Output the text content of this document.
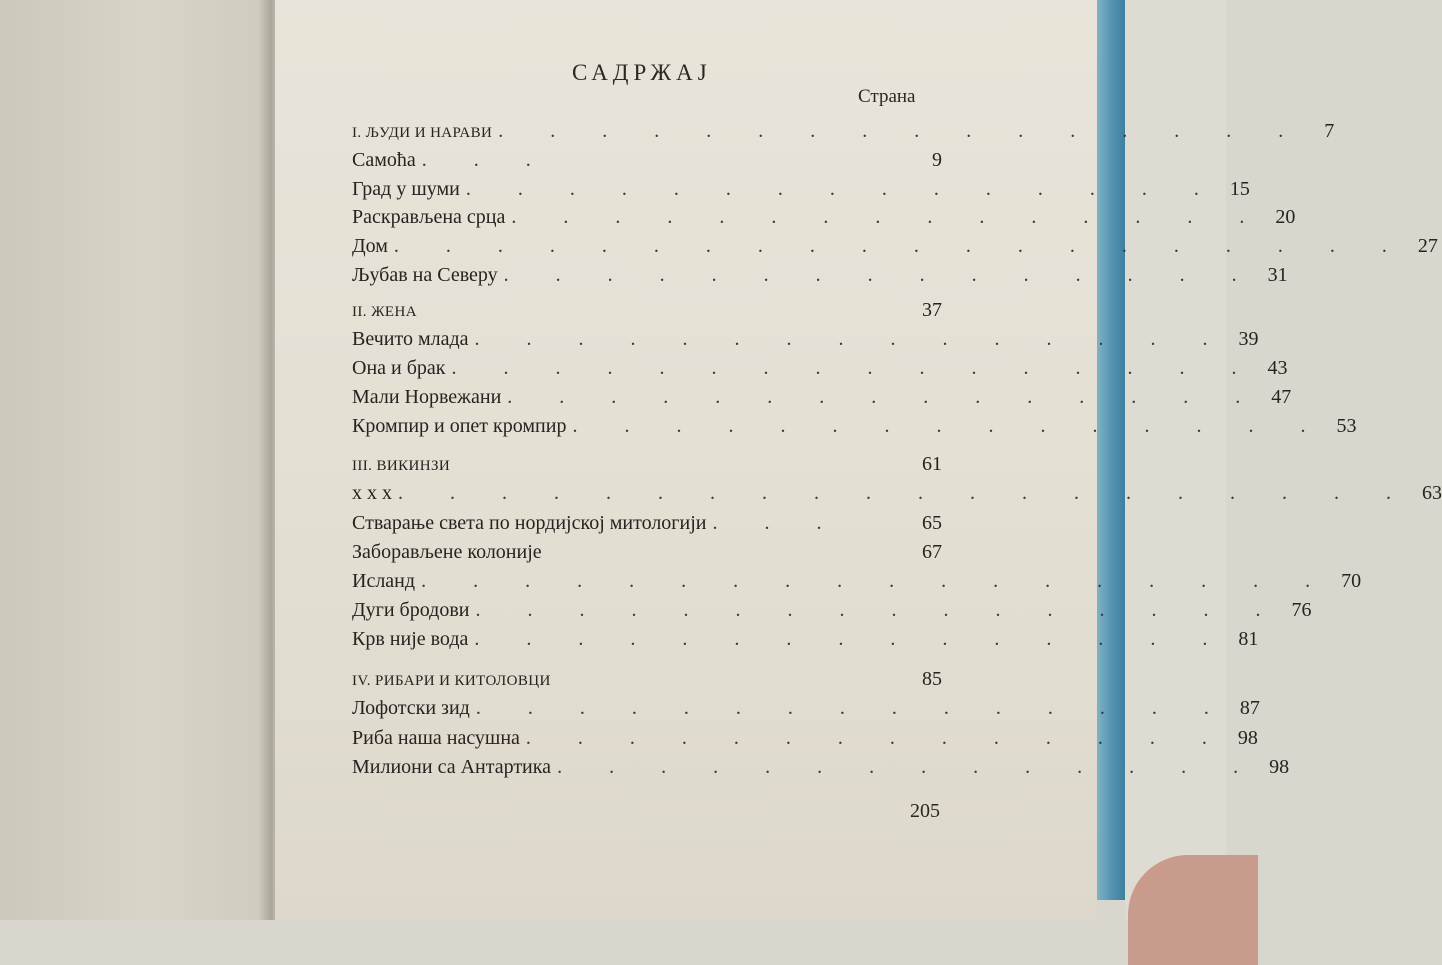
САДРЖАЈ
Страна
I. ЉУДИ И НАРАВИ . . . . . . . . . . . . . . . .	7
Самоћа . . .	9
Град у шуми . . . . . . . . . . . . . . . 15
Раскрављена срца . . . . . . . . . . . . . . . 20
Дом . . . . . . . . . . . . . . . . . . . . 27
Љубав на Северу . . . . . . . . . . . . . . . 31
II. ЖЕНА	37
Вечито млада . . . . . . . . . . . . . . . 39
Она и брак . . . . . . . . . . . . . . . . 43
Мали Норвежани . . . . . . . . . . . . . . . 47
Кромпир и опет кромпир . . . . . . . . . . . . . . . 53
III. ВИКИНЗИ	61
x x x . . . . . . . . . . . . . . . . . . . . 63
Стварање света по нордијској митологији . . .	65
Заборављене колоније	67
Исланд . . . . . . . . . . . . . . . . . . 70
Дуги бродови . . . . . . . . . . . . . . . . 76
Крв није вода . . . . . . . . . . . . . . . 81
IV. РИБАРИ И КИТОЛОВЦИ	85
Лофотски зид . . . . . . . . . . . . . . . 87
Риба наша насушна . . . . . . . . . . . . . . 98
Милиони са Антартика . . . . . . . . . . . . . . 98
205
